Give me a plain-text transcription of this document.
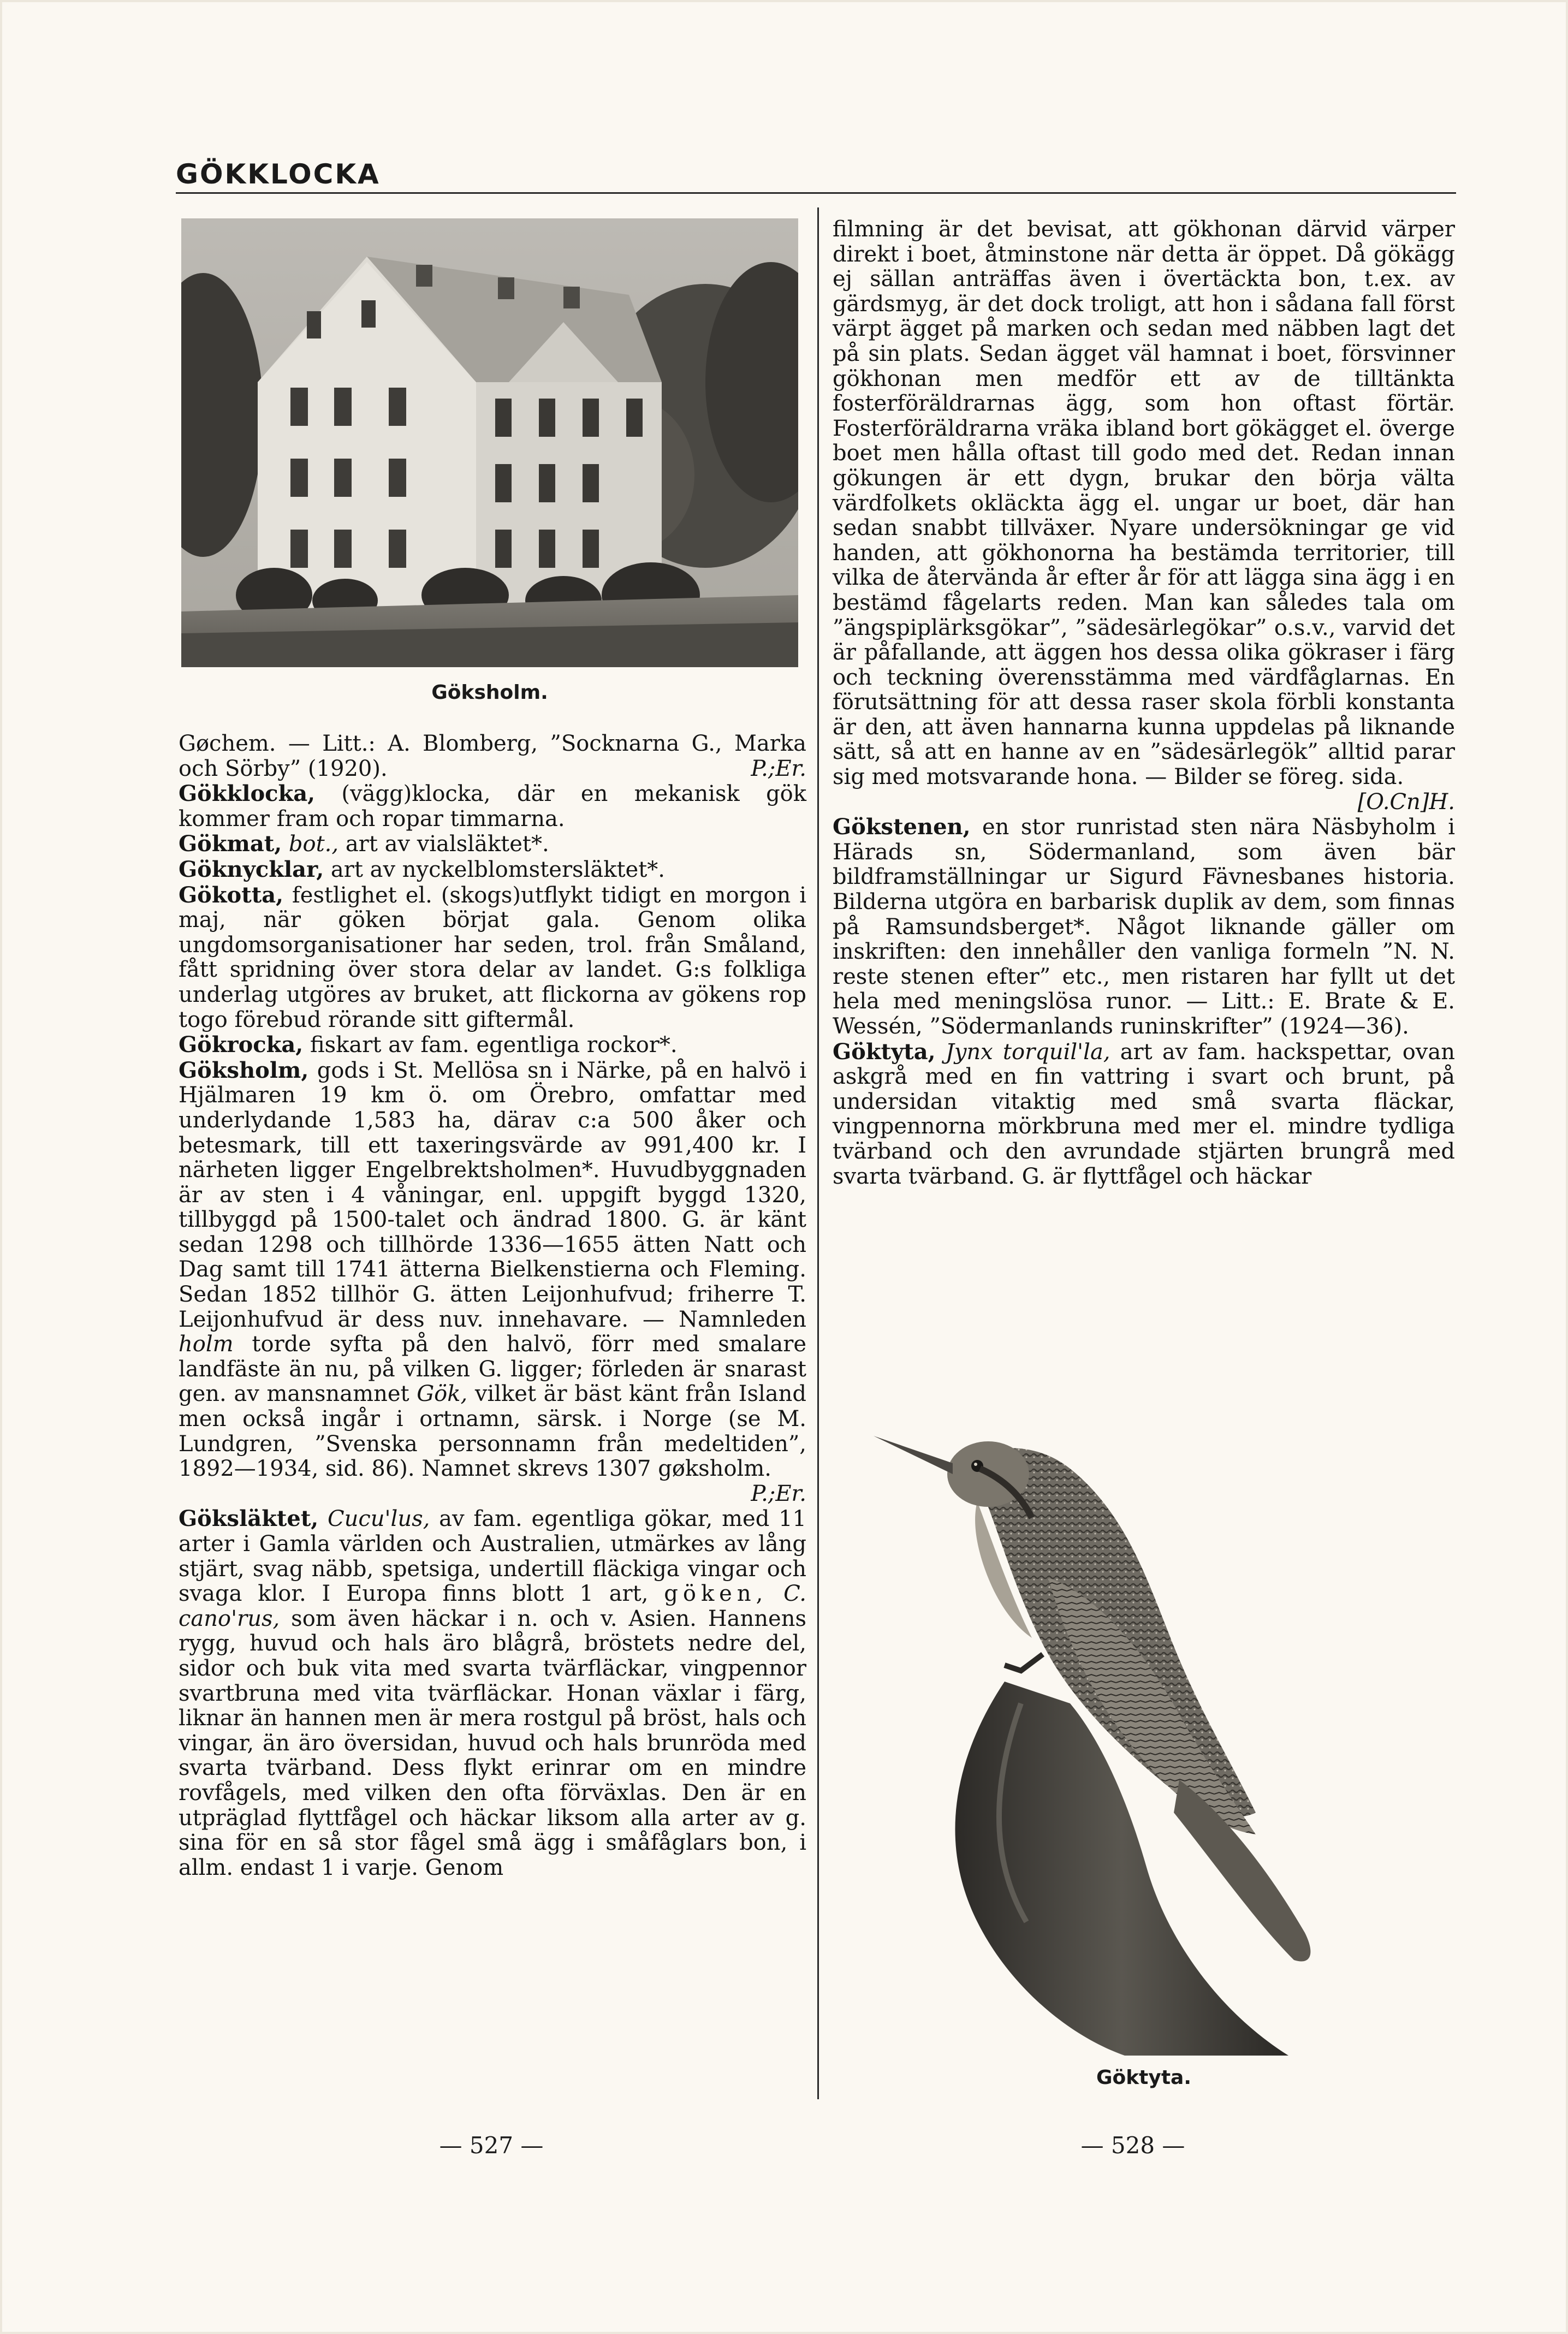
GÖKKLOCKA
Göksholm.

Gøchem. — Litt.: A. Blomberg, ”Socknarna G., Marka och Sörby” (1920).	P.;Er.

Gökklocka, (vägg)klocka, där en mekanisk gök kommer fram och ropar timmarna.

Gökmat, bot., art av vialsläktet*.

Göknycklar, art av nyckelblomstersläktet*.

Gökotta, festlighet el. (skogs)utflykt tidigt en morgon i maj, när göken börjat gala. Genom olika ungdomsorganisationer har seden, trol. från Småland, fått spridning över stora delar av landet. G:s folkliga underlag utgöres av bruket, att flickorna av gökens rop togo förebud rörande sitt giftermål.

Gökrocka, fiskart av fam. egentliga rockor*.

Göksholm, gods i St. Mellösa sn i Närke, på en halvö i Hjälmaren 19 km ö. om Örebro, omfattar med underlydande 1,583 ha, därav c:a 500 åker och betesmark, till ett taxeringsvärde av 991,400 kr. I närheten ligger Engelbrektsholmen*. Huvudbyggnaden är av sten i 4 våningar, enl. uppgift byggd 1320, tillbyggd på 1500-talet och ändrad 1800. G. är känt sedan 1298 och tillhörde 1336—1655 ätten Natt och Dag samt till 1741 ätterna Bielkenstierna och Fleming. Sedan 1852 tillhör G. ätten Leijonhufvud; friherre T. Leijonhufvud är dess nuv. innehavare. — Namnleden holm torde syfta på den halvö, förr med smalare landfäste än nu, på vilken G. ligger; förleden är snarast gen. av mansnamnet Gök, vilket är bäst känt från Island men också ingår i ortnamn, särsk. i Norge (se M. Lundgren, ”Svenska personnamn från medeltiden”, 1892—1934, sid. 86). Namnet skrevs 1307 gøksholm.
P.;Er.

Göksläktet, Cucu'lus, av fam. egentliga gökar, med 11 arter i Gamla världen och Australien, utmärkes av lång stjärt, svag näbb, spetsiga, undertill fläckiga vingar och svaga klor. I Europa finns blott 1 art, göken, C. cano'rus, som även häckar i n. och v. Asien. Hannens rygg, huvud och hals äro blågrå, bröstets nedre del, sidor och buk vita med svarta tvärfläckar, vingpennor svartbruna med vita tvärfläckar. Honan växlar i färg, liknar än hannen men är mera rostgul på bröst, hals och vingar, än äro översidan, huvud och hals brunröda med svarta tvärband. Dess flykt erinrar om en mindre rovfågels, med vilken den ofta förväxlas. Den är en utpräglad flyttfågel och häckar liksom alla arter av g. sina för en så stor fågel små ägg i småfåglars bon, i allm. endast 1 i varje. Genom

filmning är det bevisat, att gökhonan därvid värper direkt i boet, åtminstone när detta är öppet. Då gökägg ej sällan anträffas även i övertäckta bon, t.ex. av gärdsmyg, är det dock troligt, att hon i sådana fall först värpt ägget på marken och sedan med näbben lagt det på sin plats. Sedan ägget väl hamnat i boet, försvinner gökhonan men medför ett av de tilltänkta fosterföräldrarnas ägg, som hon oftast förtär. Fosterföräldrarna vräka ibland bort gökägget el. överge boet men hålla oftast till godo med det. Redan innan gökungen är ett dygn, brukar den börja välta värdfolkets okläckta ägg el. ungar ur boet, där han sedan snabbt tillväxer. Nyare undersökningar ge vid handen, att gökhonorna ha bestämda territorier, till vilka de återvända år efter år för att lägga sina ägg i en bestämd fågelarts reden. Man kan således tala om ”ängspiplärksgökar”, ”sädesärlegökar” o.s.v., varvid det är påfallande, att äggen hos dessa olika gökraser i färg och teckning överensstämma med värdfåglarnas. En förutsättning för att dessa raser skola förbli konstanta är den, att även hannarna kunna uppdelas på liknande sätt, så att en hanne av en ”sädesärlegök” alltid parar sig med motsvarande hona. — Bilder se föreg. sida.
[O.Cn]H.

Gökstenen, en stor runristad sten nära Näsbyholm i Härads sn, Södermanland, som även bär bildframställningar ur Sigurd Fävnesbanes historia. Bilderna utgöra en barbarisk duplik av dem, som finnas på Ramsundsberget*. Något liknande gäller om inskriften: den innehåller den vanliga formeln ”N. N. reste stenen efter” etc., men ristaren har fyllt ut det hela med meningslösa runor. — Litt.: E. Brate & E. Wessén, ”Södermanlands runinskrifter” (1924—36).

Göktyta, Jynx torquil'la, art av fam. hackspettar, ovan askgrå med en fin vattring i svart och brunt, på undersidan vitaktig med små svarta fläckar, vingpennorna mörkbruna med mer el. mindre tydliga tvärband och den avrundade stjärten brungrå med svarta tvärband. G. är flyttfågel och häckar

Göktyta.
— 527 —	— 528 —
